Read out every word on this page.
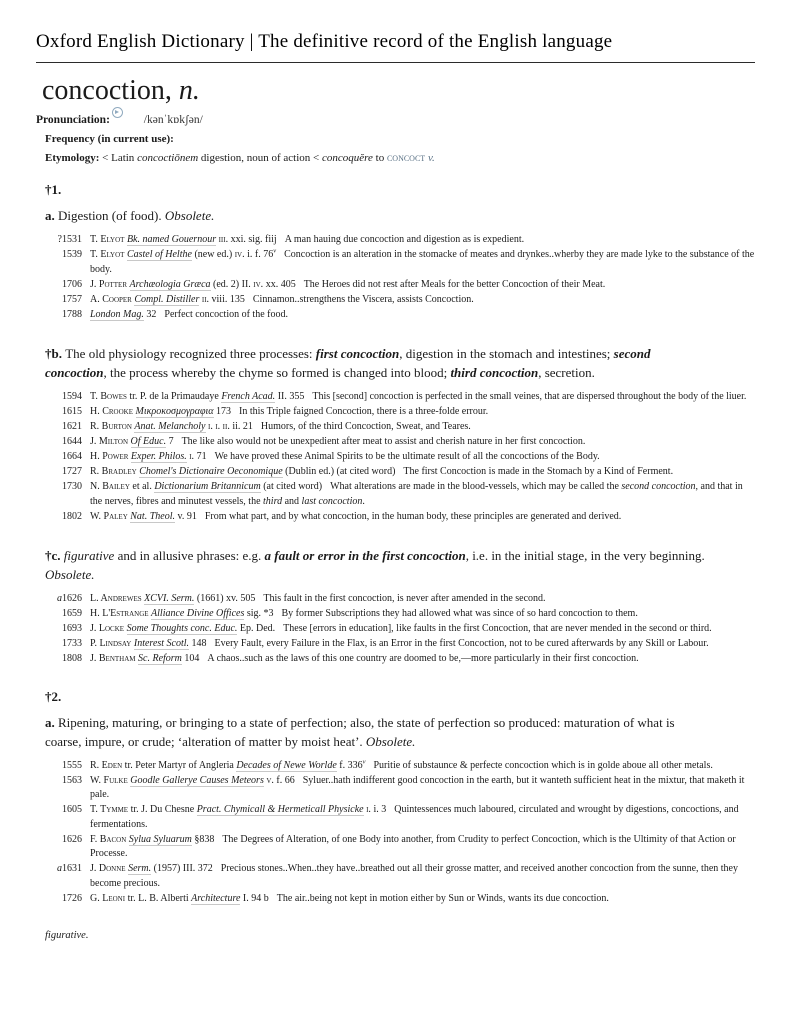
Oxford English Dictionary | The definitive record of the English language
concoction, n.
Pronunciation:	/kənˈkɒkʃən/
Frequency (in current use):
Etymology: < Latin concoctiōnem digestion, noun of action < concoquĕre to concoct v.
†1.

a. Digestion (of food). Obsolete.

?1531 T. Elyot Bk. named Gouernour iii. xxi. sig. fiij A man hauing due concoction and digestion as is expedient.
1539 T. Elyot Castel of Helthe (new ed.) iv. i. f. 76$^v$ Concoction is an alteration in the stomacke of meates and drynkes..wherby they are made lyke to the substance of the body.
1706 J. Potter Archæologia Græca (ed. 2) II. iv. xx. 405 The Heroes did not rest after Meals for the better Concoction of their Meat.
1757 A. Cooper Compl. Distiller ii. viii. 135 Cinnamon..strengthens the Viscera, assists Concoction.
1788 London Mag. 32 Perfect concoction of the food.

†b. The old physiology recognized three processes: first concoction, digestion in the stomach and intestines; second concoction, the process whereby the chyme so formed is changed into blood; third concoction, secretion.

1594 T. Bowes tr. P. de la Primaudaye French Acad. II. 355 This [second] concoction is perfected in the small veines, that are dispersed throughout the body of the liuer.
1615 H. Crooke Μικροκοσμογραφια 173 In this Triple faigned Concoction, there is a three-folde errour.
1621 R. Burton Anat. Melancholy i. i. ii. ii. 21 Humors, of the third Concoction, Sweat, and Teares.
1644 J. Milton Of Educ. 7 The like also would not be unexpedient after meat to assist and cherish nature in her first concoction.
1664 H. Power Exper. Philos. i. 71 We have proved these Animal Spirits to be the ultimate result of all the concoctions of the Body.
1727 R. Bradley Chomel's Dictionaire Oeconomique (Dublin ed.) (at cited word) The first Concoction is made in the Stomach by a Kind of Ferment.
1730 N. Bailey et al. Dictionarium Britannicum (at cited word) What alterations are made in the blood-vessels, which may be called the second concoction, and that in the nerves, fibres and minutest vessels, the third and last concoction.
1802 W. Paley Nat. Theol. v. 91 From what part, and by what concoction, in the human body, these principles are generated and derived.

†c. figurative and in allusive phrases: e.g. a fault or error in the first concoction, i.e. in the initial stage, in the very beginning. Obsolete.

a1626 L. Andrewes XCVI. Serm. (1661) xv. 505 This fault in the first concoction, is never after amended in the second.
1659 H. L'Estrange Alliance Divine Offices sig. *3 By former Subscriptions they had allowed what was since of so hard concoction to them.
1693 J. Locke Some Thoughts conc. Educ. Ep. Ded. These [errors in education], like faults in the first Concoction, that are never mended in the second or third.
1733 P. Lindsay Interest Scotl. 148 Every Fault, every Failure in the Flax, is an Error in the first Concoction, not to be cured afterwards by any Skill or Labour.
1808 J. Bentham Sc. Reform 104 A chaos..such as the laws of this one country are doomed to be,—more particularly in their first concoction.
†2.

a. Ripening, maturing, or bringing to a state of perfection; also, the state of perfection so produced: maturation of what is coarse, impure, or crude; ‘alteration of matter by moist heat’. Obsolete.

1555 R. Eden tr. Peter Martyr of Angleria Decades of Newe Worlde f. 336$^v$ Puritie of substaunce & perfecte concoction which is in golde aboue all other metals.
1563 W. Fulke Goodle Gallerye Causes Meteors v. f. 66 Syluer..hath indifferent good concoction in the earth, but it wanteth sufficient heat in the mixtur, that maketh it pale.
1605 T. Tymme tr. J. Du Chesne Pract. Chymicall & Hermeticall Physicke i. i. 3 Quintessences much laboured, circulated and wrought by digestions, concoctions, and fermentations.
1626 F. Bacon Sylua Syluarum §838 The Degrees of Alteration, of one Body into another, from Crudity to perfect Concoction, which is the Ultimity of that Action or Processe.
a1631 J. Donne Serm. (1957) III. 372 Precious stones..When..they have..breathed out all their grosse matter, and received another concoction from the sunne, then they become precious.
1726 G. Leoni tr. L. B. Alberti Architecture I. 94 b The air..being not kept in motion either by Sun or Winds, wants its due concoction.
figurative.
